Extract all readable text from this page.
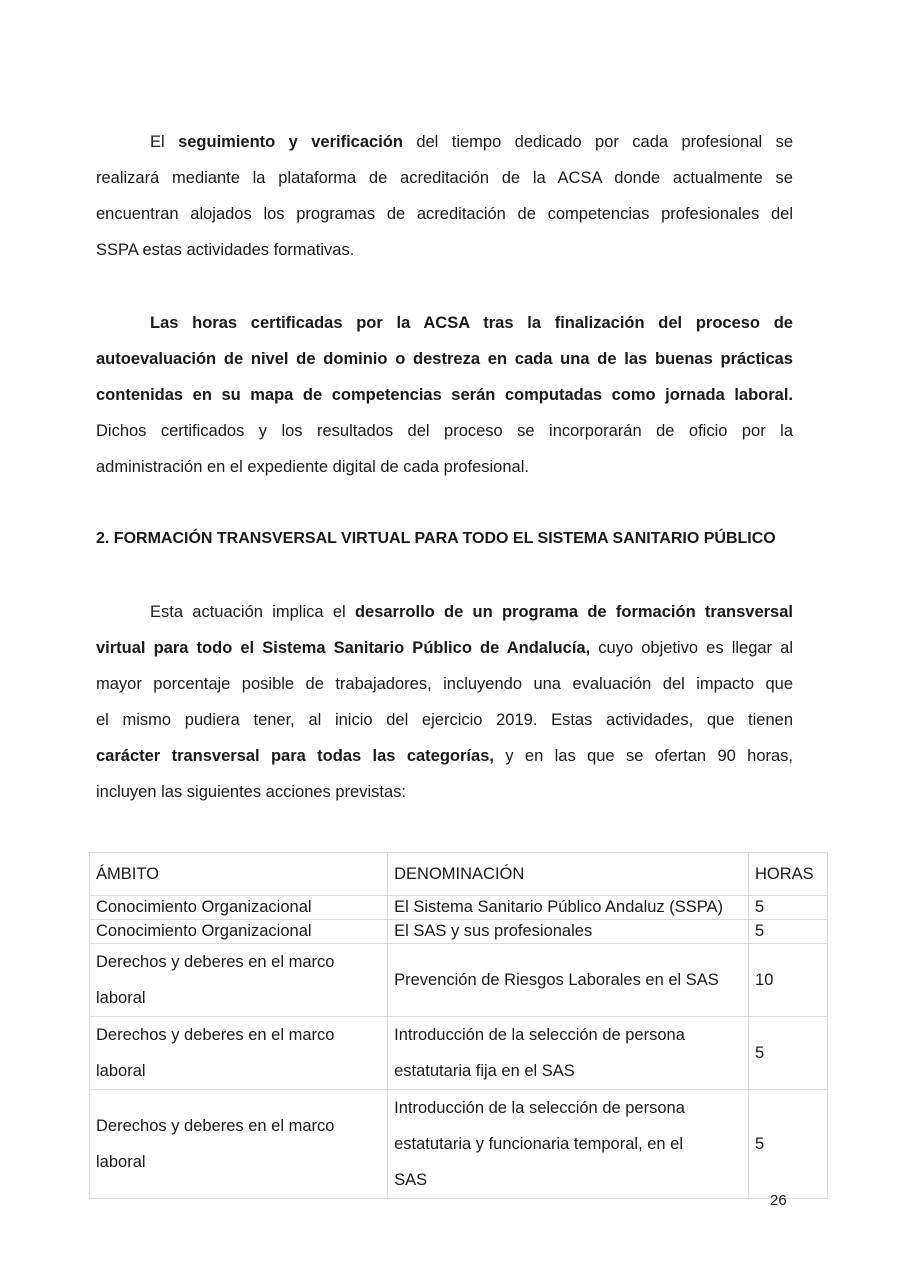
El seguimiento y verificación del tiempo dedicado por cada profesional se
realizará mediante la plataforma de acreditación de la ACSA donde actualmente se
encuentran alojados los programas de acreditación de competencias profesionales del
SSPA estas actividades formativas.
Las horas certificadas por la ACSA tras la finalización del proceso de
autoevaluación de nivel de dominio o destreza en cada una de las buenas prácticas
contenidas en su mapa de competencias serán computadas como jornada laboral.
Dichos certificados y los resultados del proceso se incorporarán de oficio por la
administración en el expediente digital de cada profesional.

2. FORMACIÓN TRANSVERSAL VIRTUAL PARA TODO EL SISTEMA SANITARIO PÚBLICO

Esta actuación implica el desarrollo de un programa de formación transversal
virtual para todo el Sistema Sanitario Público de Andalucía, cuyo objetivo es llegar al
mayor porcentaje posible de trabajadores, incluyendo una evaluación del impacto que
el mismo pudiera tener, al inicio del ejercicio 2019. Estas actividades, que tienen
carácter transversal para todas las categorías, y en las que se ofertan 90 horas,
incluyen las siguientes acciones previstas:
ÁMBITO	DENOMINACIÓN	HORAS
Conocimiento Organizacional	El Sistema Sanitario Público Andaluz (SSPA)	5
Conocimiento Organizacional	El SAS y sus profesionales	5
Derechos y deberes en el marco
laboral	Prevención de Riesgos Laborales en el SAS	10
Derechos y deberes en el marco
laboral	Introducción de la selección de persona
estatutaria fija en el SAS	5
Derechos y deberes en el marco
laboral	Introducción de la selección de persona
estatutaria y funcionaria temporal, en el
SAS	5
26
